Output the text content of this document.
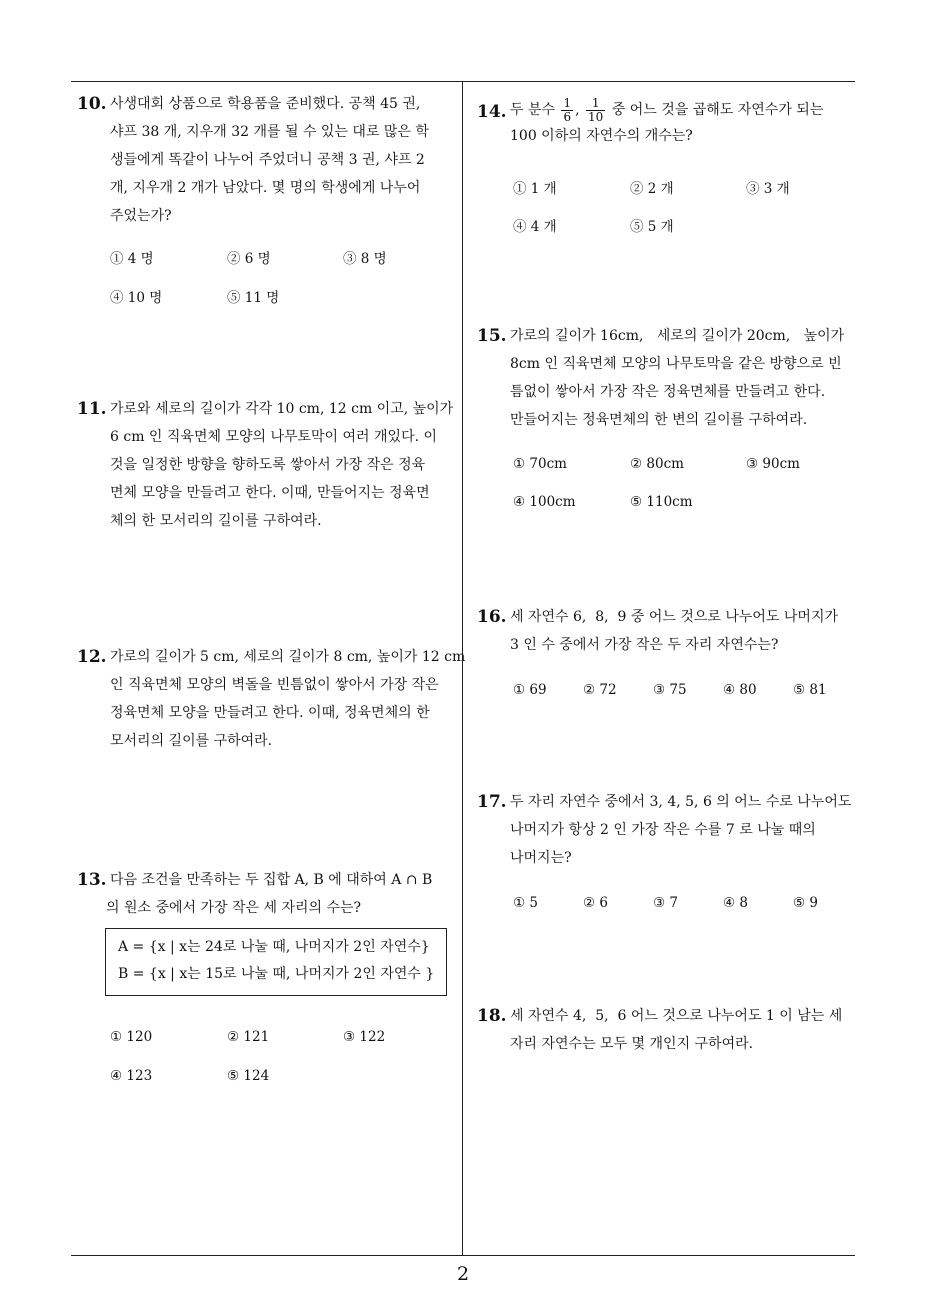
10. 사생대회 상품으로 학용품을 준비했다. 공책 45 권,
샤프 38 개, 지우개 32 개를 될 수 있는 대로 많은 학
생들에게 똑같이 나누어 주었더니 공책 3 권, 샤프 2
개, 지우개 2 개가 남았다. 몇 명의 학생에게 나누어
주었는가?
① 4 명	② 6 명	③ 8 명
④ 10 명	⑤ 11 명
11. 가로와 세로의 길이가 각각 10 cm, 12 cm 이고, 높이가
6 cm 인 직육면체 모양의 나무토막이 여러 개있다. 이
것을 일정한 방향을 향하도록 쌓아서 가장 작은 정육
면체 모양을 만들려고 한다. 이때, 만들어지는 정육면
체의 한 모서리의 길이를 구하여라.
12. 가로의 길이가 5 cm, 세로의 길이가 8 cm, 높이가 12 cm
인 직육면체 모양의 벽돌을 빈틈없이 쌓아서 가장 작은
정육면체 모양을 만들려고 한다. 이때, 정육면체의 한
모서리의 길이를 구하여라.
13. 다음 조건을 만족하는 두 집합 A, B 에 대하여 A ∩ B
의 원소 중에서 가장 작은 세 자리의 수는?
A = {x | x는 24로 나눌 때, 나머지가 2인 자연수}
B = {x | x는 15로 나눌 때, 나머지가 2인 자연수 }
① 120	② 121	③ 122
④ 123	⑤ 124
14. 두 분수 $\frac{1}{6}$ , $\frac{1}{10}$ 중 어느 것을 곱해도 자연수가 되는
100 이하의 자연수의 개수는?
① 1 개	② 2 개	③ 3 개
④ 4 개	⑤ 5 개
15. 가로의 길이가 16cm,   세로의 길이가 20cm,   높이가
8cm 인 직육면체 모양의 나무토막을 같은 방향으로 빈
틈없이 쌓아서 가장 작은 정육면체를 만들려고 한다.
만들어지는 정육면체의 한 변의 길이를 구하여라.
① 70cm	② 80cm	③ 90cm
④ 100cm	⑤ 110cm
16. 세 자연수 6,  8,  9 중 어느 것으로 나누어도 나머지가
3 인 수 중에서 가장 작은 두 자리 자연수는?
① 69	② 72	③ 75	④ 80	⑤ 81
17. 두 자리 자연수 중에서 3, 4, 5, 6 의 어느 수로 나누어도
나머지가 항상 2 인 가장 작은 수를 7 로 나눌 때의
나머지는?
① 5	② 6	③ 7	④ 8	⑤ 9
18. 세 자연수 4,  5,  6 어느 것으로 나누어도 1 이 남는 세
자리 자연수는 모두 몇 개인지 구하여라.
2
